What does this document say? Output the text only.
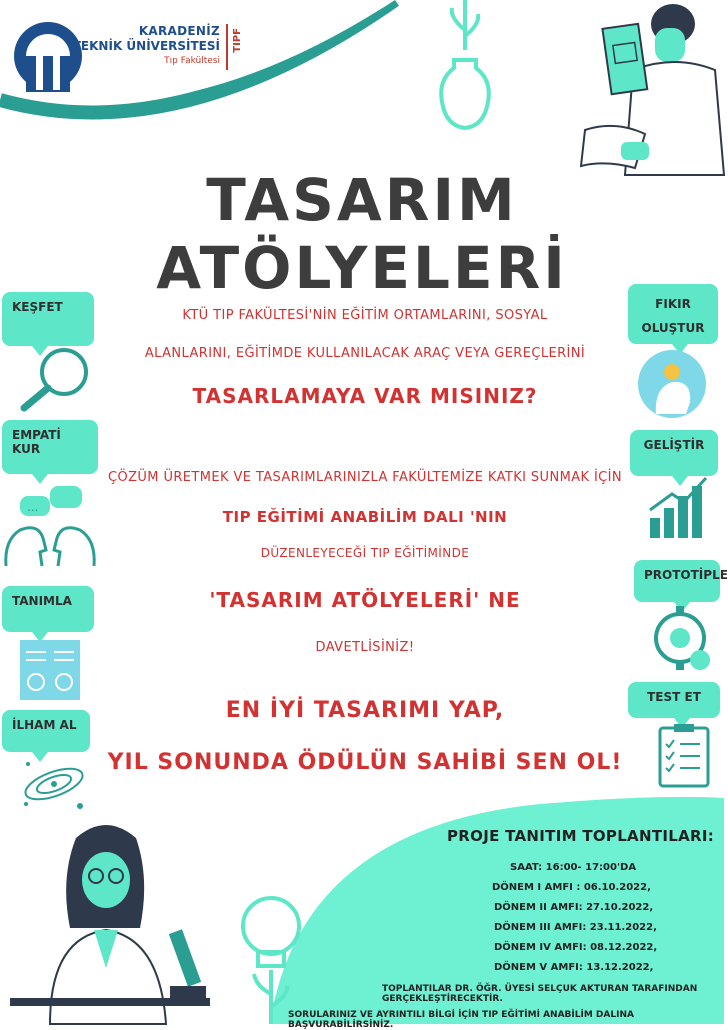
KARADENİZ
TEKNİK ÜNİVERSİTESİ
Tıp Fakültesi
TIPF
TASARIM ATÖLYELERİ
KEŞFET
EMPATİ KUR
...
TANIMLA
İLHAM AL
FIKIR OLUŞTUR
GELİŞTİR
PROTOTİPLE
TEST ET
KTÜ TIP FAKÜLTESİ'NİN EĞİTİM ORTAMLARINI, SOSYAL
ALANLARINI, EĞİTİMDE KULLANILACAK ARAÇ VEYA GEREÇLERİNİ
TASARLAMAYA VAR MISINIZ?
ÇÖZÜM ÜRETMEK VE TASARIMLARINIZLA FAKÜLTEMİZE KATKI SUNMAK İÇİN
TIP EĞİTİMİ ANABİLİM DALI 'NIN
DÜZENLEYECEĞİ TIP EĞİTİMİNDE
'TASARIM ATÖLYELERİ' NE
DAVETLİSİNİZ!
EN İYİ TASARIMI YAP,
YIL SONUNDA ÖDÜLÜN SAHİBİ SEN OL!
PROJE TANITIM TOPLANTILARI:
SAAT: 16:00- 17:00'DA
DÖNEM I AMFI : 06.10.2022,
DÖNEM II AMFI: 27.10.2022,
DÖNEM III AMFI: 23.11.2022,
DÖNEM IV AMFI: 08.12.2022,
DÖNEM V AMFI: 13.12.2022,
TOPLANTILAR DR. ÖĞR. ÜYESİ SELÇUK AKTURAN TARAFINDAN GERÇEKLEŞTİRECEKTİR.
SORULARINIZ VE AYRINTILI BİLGİ İÇİN TIP EĞİTİMİ ANABİLİM DALINA BAŞVURABİLİRSİNİZ.
